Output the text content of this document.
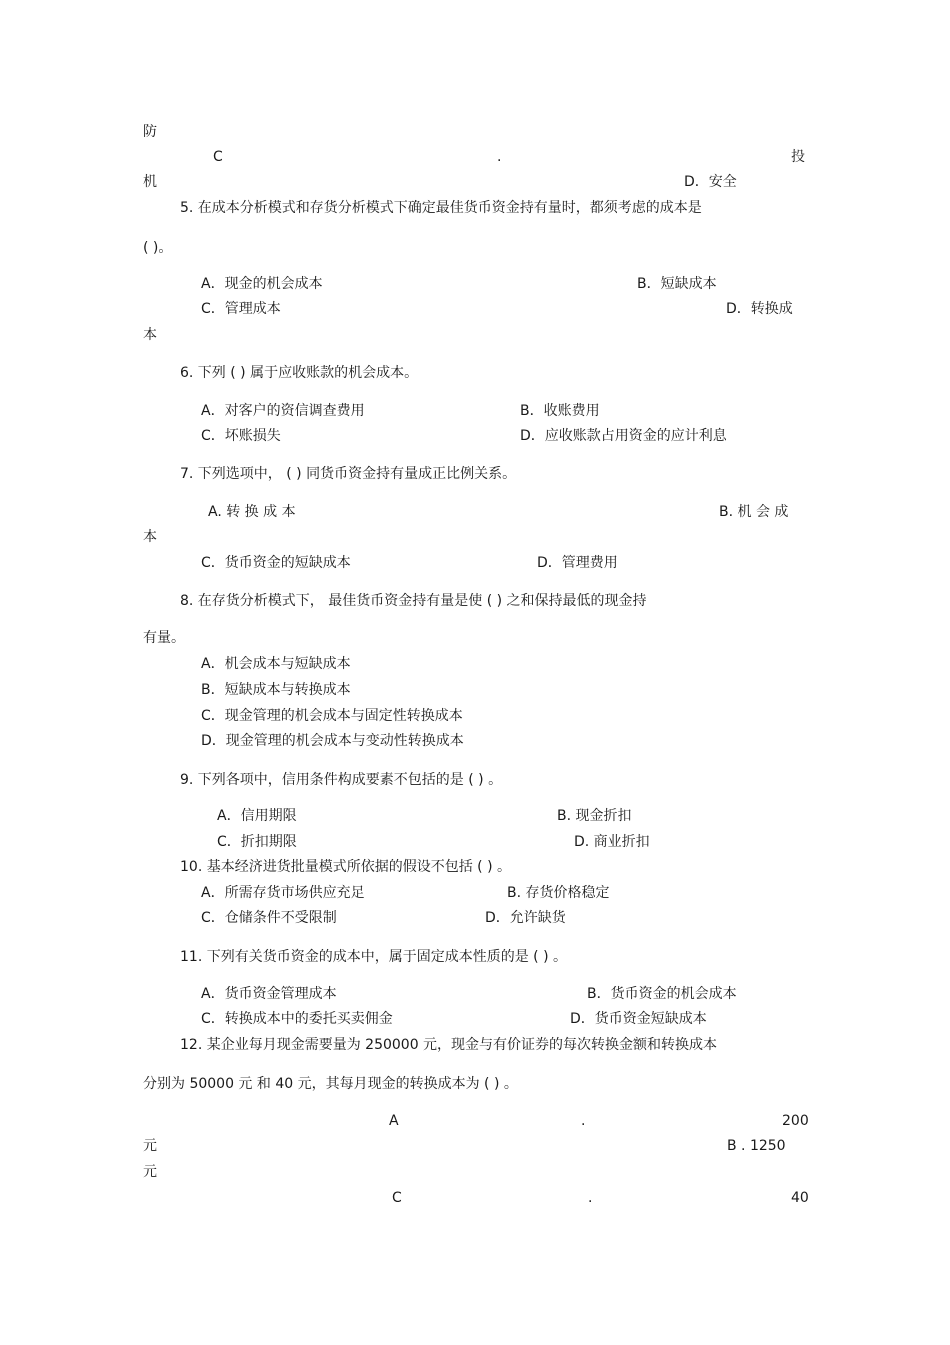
防
C	.	投
机	D．安全
5. 在成本分析模式和存货分析模式下确定最佳货币资金持有量时，都须考虑的成本是
( )。
A．现金的机会成本	B．短缺成本
C．管理成本	D．转换成
本
6. 下列 ( ) 属于应收账款的机会成本。
A．对客户的资信调查费用	B．收账费用
C．坏账损失	D．应收账款占用资金的应计利息
7. 下列选项中， ( ) 同货币资金持有量成正比例关系。
A. 转 换 成 本	B. 机 会 成
本
C．货币资金的短缺成本	D．管理费用
8. 在存货分析模式下， 最佳货币资金持有量是使 ( ) 之和保持最低的现金持
有量。
A．机会成本与短缺成本
B．短缺成本与转换成本
C．现金管理的机会成本与固定性转换成本
D．现金管理的机会成本与变动性转换成本
9. 下列各项中，信用条件构成要素不包括的是 ( ) 。
A．信用期限	B. 现金折扣
C．折扣期限	D. 商业折扣
10. 基本经济进货批量模式所依据的假设不包括 ( ) 。
A．所需存货市场供应充足	B. 存货价格稳定
C．仓储条件不受限制	D．允许缺货
11. 下列有关货币资金的成本中，属于固定成本性质的是 ( ) 。
A．货币资金管理成本	B．货币资金的机会成本
C．转换成本中的委托买卖佣金	D．货币资金短缺成本
12. 某企业每月现金需要量为 250000 元，现金与有价证券的每次转换金额和转换成本
分别为 50000 元 和 40 元，其每月现金的转换成本为 ( ) 。
A	.	200
元	B . 1250
元
C	.	40
